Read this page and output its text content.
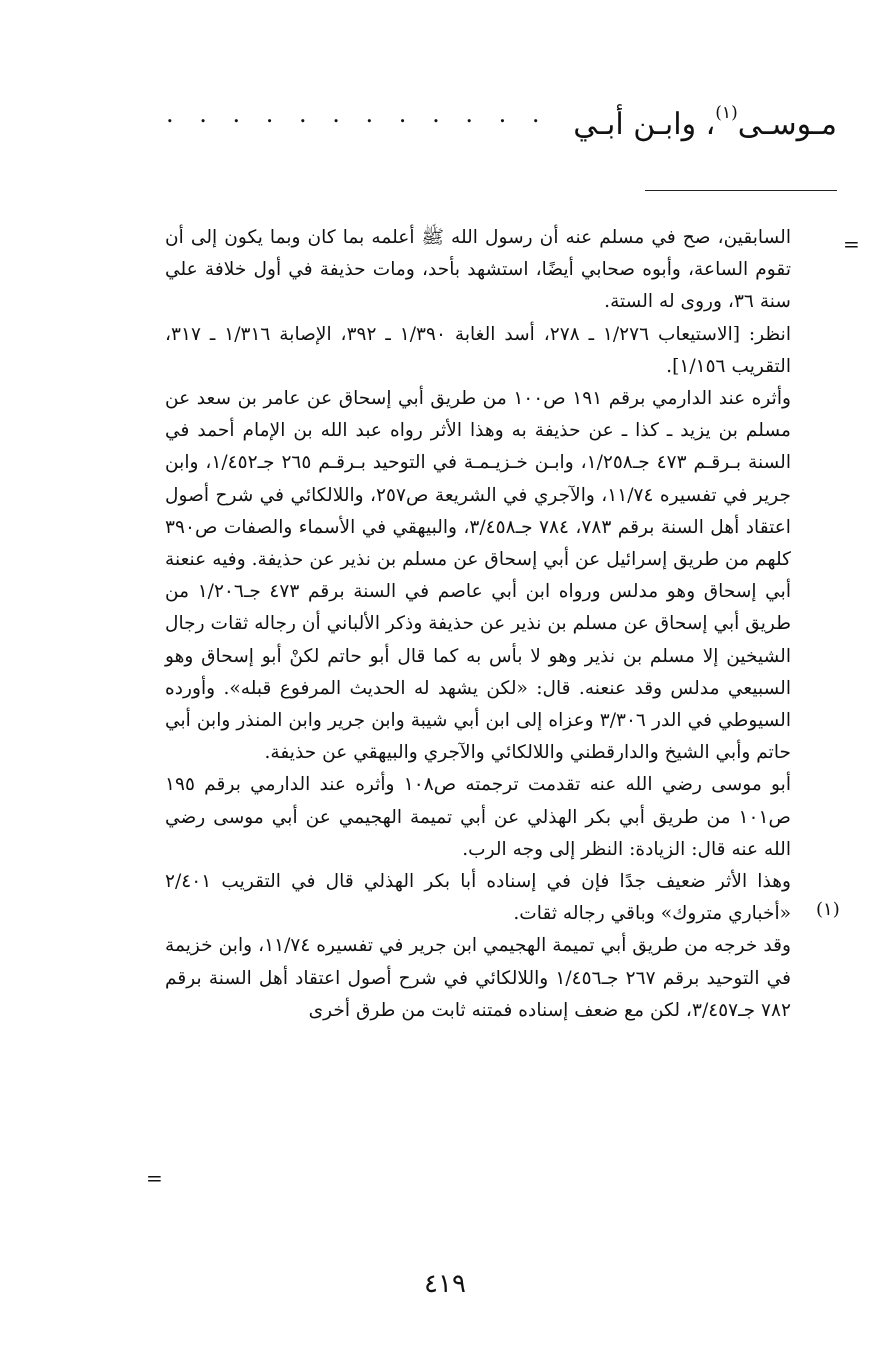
مـوسـى$^{(١)}$، وابـن أبـي
. . . . . . . . . . . .
=
(١)
=

السابقين، صح في مسلم عنه أن رسول الله ﷺ أعلمه بما كان وبما يكون إلى أن تقوم الساعة، وأبوه صحابي أيضًا، استشهد بأحد، ومات حذيفة في أول خلافة علي سنة ٣٦، وروى له الستة.

انظر: [الاستيعاب ١/٢٧٦ ـ ٢٧٨، أسد الغابة ١/٣٩٠ ـ ٣٩٢، الإصابة ١/٣١٦ ـ ٣١٧، التقريب ١/١٥٦].

وأثره عند الدارمي برقم ١٩١ ص١٠٠ من طريق أبي إسحاق عن عامر بن سعد عن مسلم بن يزيد ـ كذا ـ عن حذيفة به وهذا الأثر رواه عبد الله بن الإمام أحمد في السنة بـرقـم ٤٧٣ جـ١/٢٥٨، وابـن خـزيـمـة في التوحيد بـرقـم ٢٦٥ جـ١/٤٥٢، وابن جرير في تفسيره ١١/٧٤، والآجري في الشريعة ص٢٥٧، واللالكائي في شرح أصول اعتقاد أهل السنة برقم ٧٨٣، ٧٨٤ جـ٣/٤٥٨، والبيهقي في الأسماء والصفات ص٣٩٠ كلهم من طريق إسرائيل عن أبي إسحاق عن مسلم بن نذير عن حذيفة. وفيه عنعنة أبي إسحاق وهو مدلس ورواه ابن أبي عاصم في السنة برقم ٤٧٣ جـ١/٢٠٦ من طريق أبي إسحاق عن مسلم بن نذير عن حذيفة وذكر الألباني أن رجاله ثقات رجال الشيخين إلا مسلم بن نذير وهو لا بأس به كما قال أبو حاتم لكنْ أبو إسحاق وهو السبيعي مدلس وقد عنعنه. قال: «لكن يشهد له الحديث المرفوع قبله». وأورده السيوطي في الدر ٣/٣٠٦ وعزاه إلى ابن أبي شيبة وابن جرير وابن المنذر وابن أبي حاتم وأبي الشيخ والدارقطني واللالكائي والآجري والبيهقي عن حذيفة.

أبو موسى رضي الله عنه تقدمت ترجمته ص١٠٨ وأثره عند الدارمي برقم ١٩٥ ص١٠١ من طريق أبي بكر الهذلي عن أبي تميمة الهجيمي عن أبي موسى رضي الله عنه قال: الزيادة: النظر إلى وجه الرب.

وهذا الأثر ضعيف جدًا فإن في إسناده أبا بكر الهذلي قال في التقريب ٢/٤٠١ «أخباري متروك» وباقي رجاله ثقات.

وقد خرجه من طريق أبي تميمة الهجيمي ابن جرير في تفسيره ١١/٧٤، وابن خزيمة في التوحيد برقم ٢٦٧ جـ١/٤٥٦ واللالكائي في شرح أصول اعتقاد أهل السنة برقم ٧٨٢ جـ٣/٤٥٧، لكن مع ضعف إسناده فمتنه ثابت من طرق أخرى

٤١٩
